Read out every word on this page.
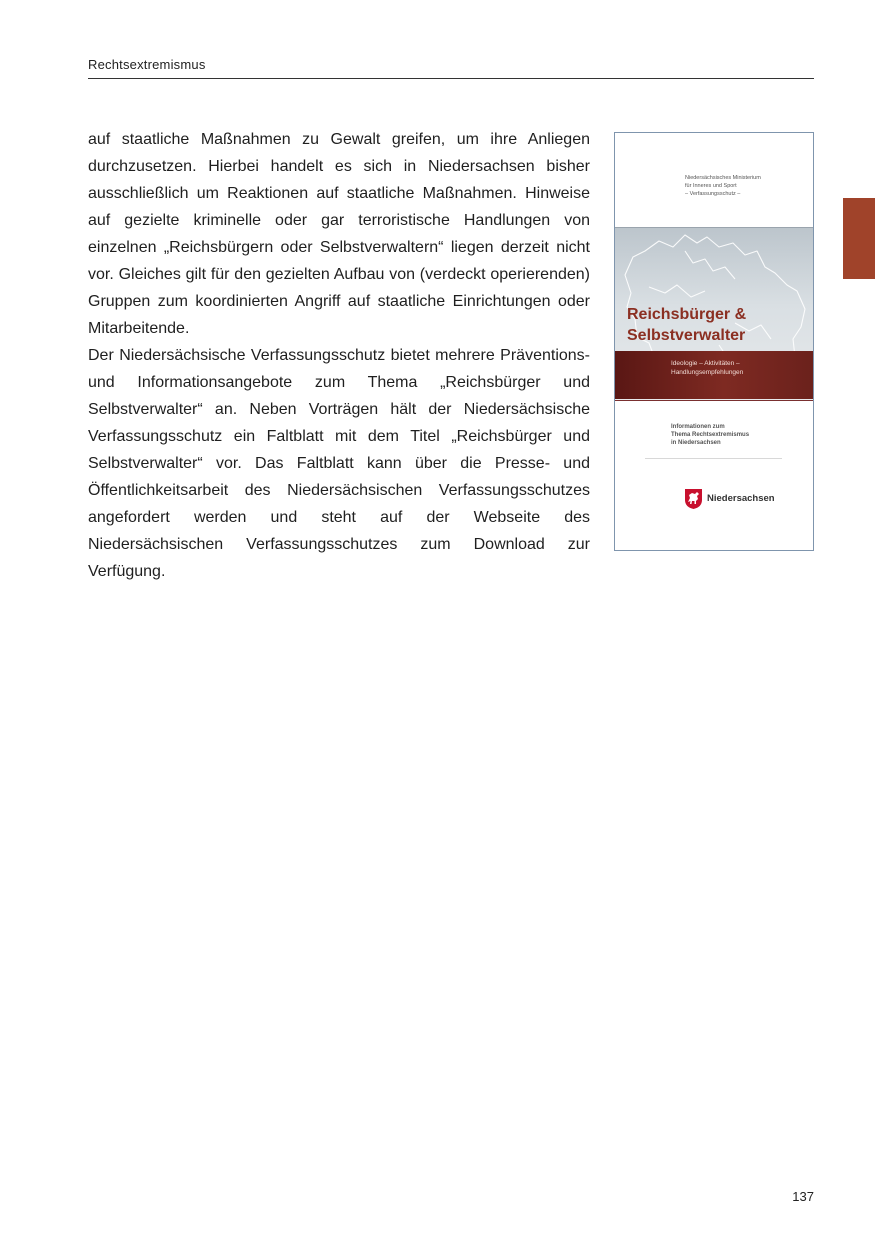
Rechtsextremismus

auf staatliche Maßnahmen zu Gewalt greifen, um ihre Anliegen durchzusetzen. Hierbei handelt es sich in Niedersachsen bisher ausschließlich um Reaktionen auf staatliche Maßnahmen. Hinweise auf gezielte kriminelle oder gar terroristische Handlungen von einzelnen „Reichsbürgern oder Selbstverwaltern“ liegen derzeit nicht vor. Gleiches gilt für den gezielten Aufbau von (verdeckt operierenden) Gruppen zum koordinierten Angriff auf staatliche Einrichtungen oder Mitarbeitende.

Der Niedersächsische Verfassungsschutz bietet mehrere Präventions- und Informationsangebote zum Thema „Reichsbürger und Selbstverwalter“ an. Neben Vorträgen hält der Niedersächsische Verfassungsschutz ein Faltblatt mit dem Titel „Reichsbürger und Selbstverwalter“ vor. Das Faltblatt kann über die Presse- und Öffentlichkeitsarbeit des Niedersächsischen Verfassungsschutzes angefordert werden und steht auf der Webseite des Niedersächsischen Verfassungsschutzes zum Download zur Verfügung.

Niedersächsisches Ministerium
für Inneres und Sport
– Verfassungsschutz –
Reichsbürger &
Selbstverwalter
Ideologie – Aktivitäten –
Handlungsempfehlungen
Informationen zum
Thema Rechtsextremismus
in Niedersachsen
Niedersachsen
137
